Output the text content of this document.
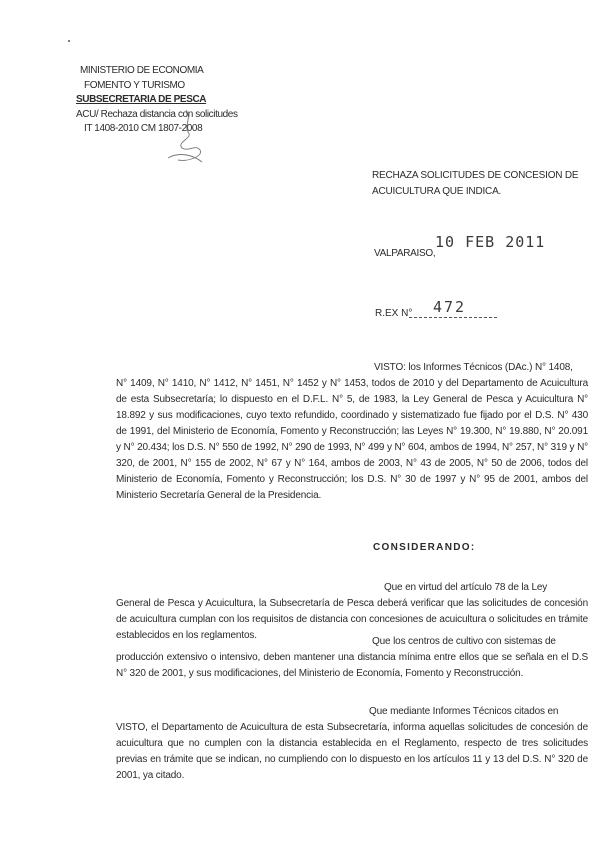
MINISTERIO DE ECONOMIA
FOMENTO Y TURISMO
SUBSECRETARIA DE PESCA
ACU/ Rechaza distancia con solicitudes
IT 1408-2010 CM 1807-2008
RECHAZA SOLICITUDES DE CONCESION DE ACUICULTURA QUE INDICA.
VALPARAISO,
10 FEB 2011
R.EX N° 472
VISTO: los Informes Técnicos (DAc.) N° 1408,
N° 1409, N° 1410, N° 1412, N° 1451, N° 1452 y N° 1453, todos de 2010 y del Departamento de Acuicultura de esta Subsecretaría; lo dispuesto en el D.F.L. N° 5, de 1983, la Ley General de Pesca y Acuicultura N° 18.892 y sus modificaciones, cuyo texto refundido, coordinado y sistematizado fue fijado por el D.S. N° 430 de 1991, del Ministerio de Economía, Fomento y Reconstrucción; las Leyes N° 19.300, N° 19.880, N° 20.091 y N° 20.434; los D.S. N° 550 de 1992, N° 290 de 1993, N° 499 y N° 604, ambos de 1994, N° 257, N° 319 y N° 320, de 2001, N° 155 de 2002, N° 67 y N° 164, ambos de 2003, N° 43 de 2005, N° 50 de 2006, todos del Ministerio de Economía, Fomento y Reconstrucción; los D.S. N° 30 de 1997 y N° 95 de 2001, ambos del Ministerio Secretaría General de la Presidencia.
CONSIDERANDO:
Que en virtud del artículo 78 de la Ley
General de Pesca y Acuicultura, la Subsecretaría de Pesca deberá verificar que las solicitudes de concesión de acuicultura cumplan con los requisitos de distancia con concesiones de acuicultura o solicitudes en trámite establecidos en los reglamentos.
Que los centros de cultivo con sistemas de
producción extensivo o intensivo, deben mantener una distancia mínima entre ellos que se señala en el D.S N° 320 de 2001, y sus modificaciones, del Ministerio de Economía, Fomento y Reconstrucción.
Que mediante Informes Técnicos citados en
VISTO, el Departamento de Acuicultura de esta Subsecretaría, informa aquellas solicitudes de concesión de acuicultura que no cumplen con la distancia establecida en el Reglamento, respecto de tres solicitudes previas en trámite que se indican, no cumpliendo con lo dispuesto en los artículos 11 y 13 del D.S. N° 320 de 2001, ya citado.
